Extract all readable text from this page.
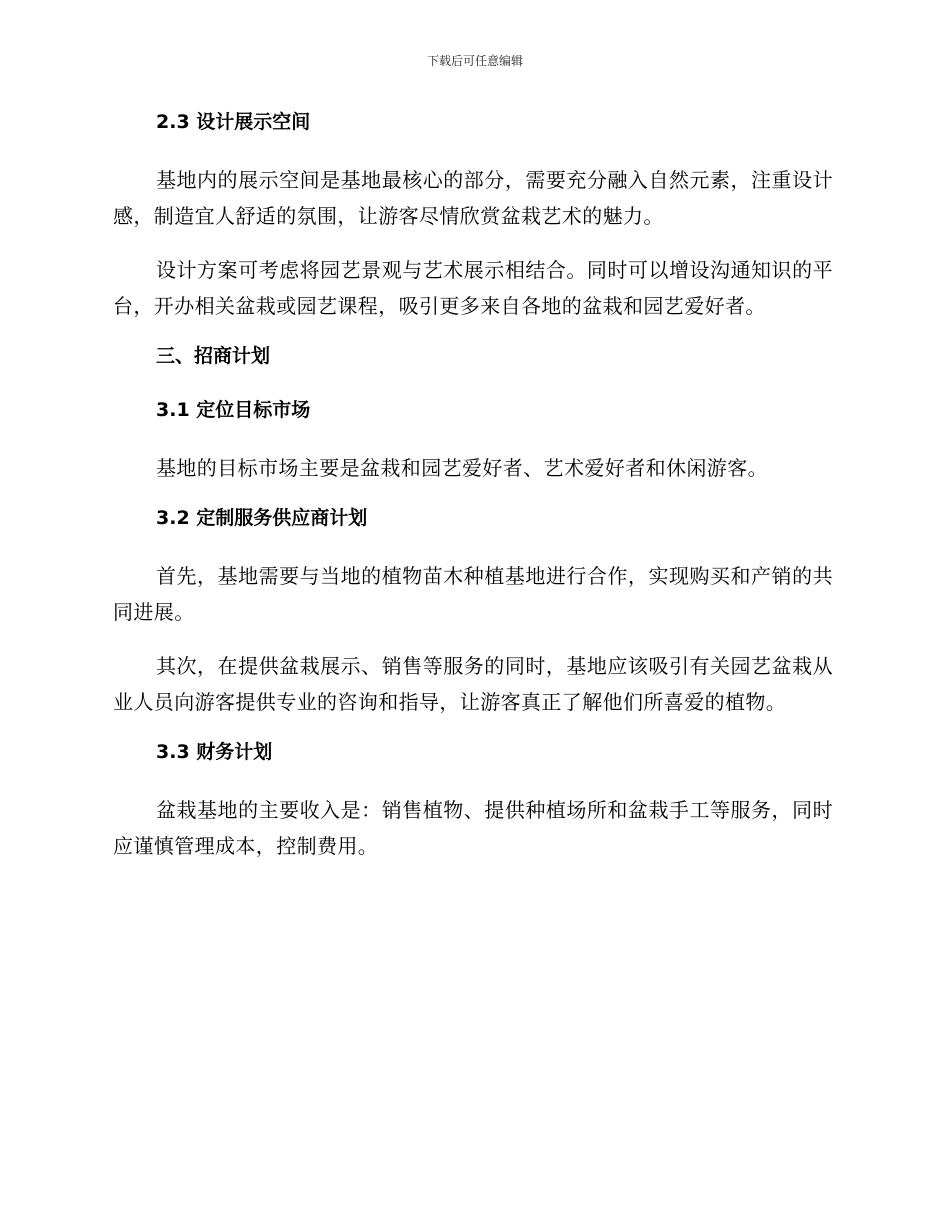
下载后可任意编辑
2.3 设计展示空间

基地内的展示空间是基地最核心的部分，需要充分融入自然元素，注重设计感，制造宜人舒适的氛围，让游客尽情欣赏盆栽艺术的魅力。

设计方案可考虑将园艺景观与艺术展示相结合。同时可以增设沟通知识的平台，开办相关盆栽或园艺课程，吸引更多来自各地的盆栽和园艺爱好者。

三、招商计划
3.1 定位目标市场

基地的目标市场主要是盆栽和园艺爱好者、艺术爱好者和休闲游客。

3.2 定制服务供应商计划

首先，基地需要与当地的植物苗木种植基地进行合作，实现购买和产销的共同进展。

其次，在提供盆栽展示、销售等服务的同时，基地应该吸引有关园艺盆栽从业人员向游客提供专业的咨询和指导，让游客真正了解他们所喜爱的植物。

3.3 财务计划

盆栽基地的主要收入是：销售植物、提供种植场所和盆栽手工等服务，同时应谨慎管理成本，控制费用。
